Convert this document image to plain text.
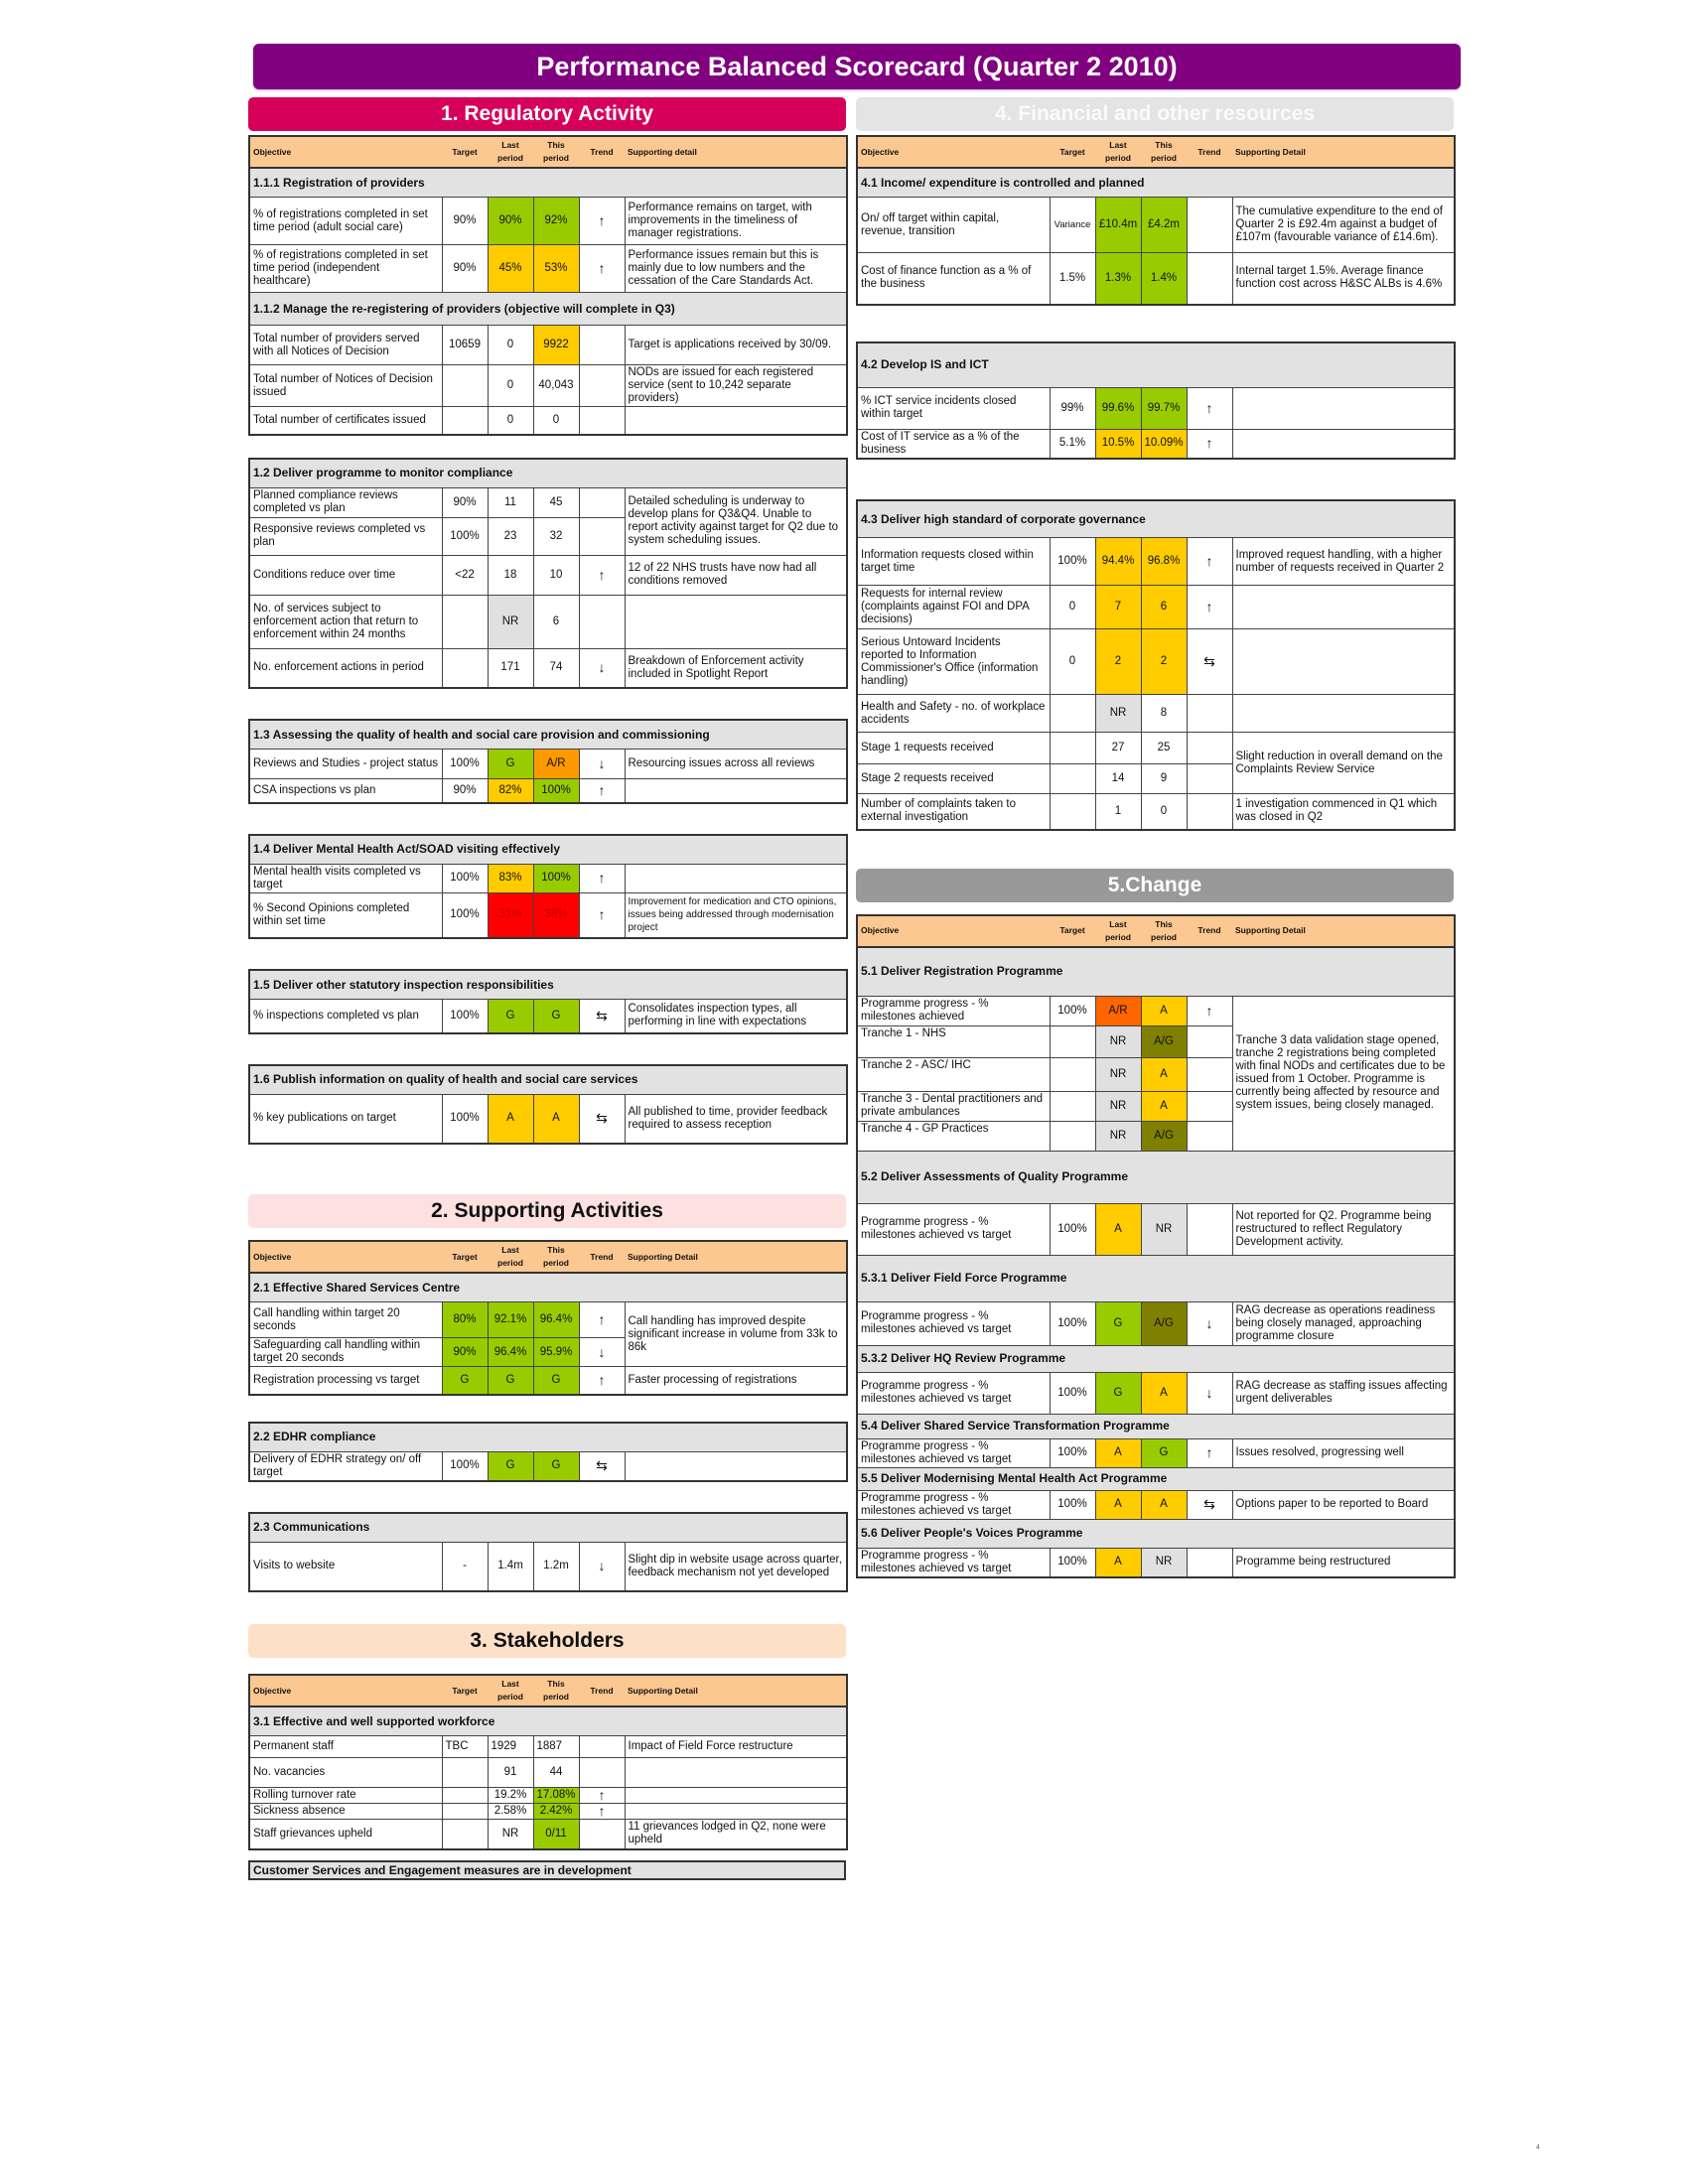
Performance Balanced Scorecard (Quarter 2 2010)
1. Regulatory Activity
Objective	Target	Last period	This period	Trend	Supporting detail
1.1.1 Registration of providers					
% of registrations completed in set time period (adult social care)	90%	90%	92%	↑	Performance remains on target, with improvements in the timeliness of manager registrations.
% of registrations completed in set time period (independent healthcare)	90%	45%	53%	↑	Performance issues remain but this is mainly due to low numbers and the cessation of the Care Standards Act.
1.1.2 Manage the re-registering of providers (objective will complete in Q3)					
Total number of providers served with all Notices of Decision	10659	0	9922		Target is applications received by 30/09.
Total number of Notices of Decision issued		0	40,043		NODs are issued for each registered service (sent to 10,242 separate providers)
Total number of certificates issued		0	0		
1.2 Deliver programme to monitor compliance					
Planned compliance reviews completed vs plan	90%	11	45		Detailed scheduling is underway to develop plans for Q3&Q4. Unable to report activity against target for Q2 due to system scheduling issues.
Responsive reviews completed vs plan	100%	23	32		
Conditions reduce over time	<22	18	10	↑	12 of 22 NHS trusts have now had all conditions removed
No. of services subject to enforcement action that return to enforcement within 24 months		NR	6		
No. enforcement actions in period		171	74	↓	Breakdown of Enforcement activity included in Spotlight Report
1.3 Assessing the quality of health and social care provision and commissioning					
Reviews and Studies - project status	100%	G	A/R	↓	Resourcing issues across all reviews
CSA inspections vs plan	90%	82%	100%	↑	
1.4 Deliver Mental Health Act/SOAD visiting effectively					
Mental health visits completed vs target	100%	83%	100%	↑	
% Second Opinions completed within set time	100%	31%	38%	↑	Improvement for medication and CTO opinions, issues being addressed through modernisation project
1.5 Deliver other statutory inspection responsibilities
% inspections completed vs plan	100%	G	G	⇆	Consolidates inspection types, all performing in line with expectations
1.6 Publish information on quality of health and social care services
% key publications on target	100%	A	A	⇆	All published to time, provider feedback required to assess reception
2. Supporting Activities
Objective	Target	Last period	This period	Trend	Supporting Detail
2.1 Effective Shared Services Centre					
Call handling within target 20 seconds	80%	92.1%	96.4%	↑	Call handling has improved despite significant increase in volume from 33k to 86k
Safeguarding call handling within target 20 seconds	90%	96.4%	95.9%	↓	
Registration processing vs target	G	G	G	↑	Faster processing of registrations
2.2 EDHR compliance
Delivery of EDHR strategy on/ off target	100%	G	G	⇆	
2.3 Communications
Visits to website	-	1.4m	1.2m	↓	Slight dip in website usage across quarter, feedback mechanism not yet developed
3. Stakeholders
Objective	Target	Last period	This period	Trend	Supporting Detail
3.1 Effective and well supported workforce					
Permanent staff	TBC	1929	1887		Impact of Field Force restructure
No. vacancies		91	44		
Rolling turnover rate		19.2%	17.08%	↑	
Sickness absence		2.58%	2.42%	↑	
Staff grievances upheld		NR	0/11		11 grievances lodged in Q2, none were upheld
Customer Services and Engagement measures are in development
4. Financial and other resources
Objective	Target	Last period	This period	Trend	Supporting Detail
4.1 Income/ expenditure is controlled and planned					
On/ off target within capital, revenue, transition	Variance	£10.4m	£4.2m		The cumulative expenditure to the end of Quarter 2 is £92.4m against a budget of £107m (favourable variance of £14.6m).
Cost of finance function as a % of the business	1.5%	1.3%	1.4%		Internal target 1.5%. Average finance function cost across H&SC ALBs is 4.6%
4.2 Develop IS and ICT					
% ICT service incidents closed within target	99%	99.6%	99.7%	↑	
Cost of IT service as a % of the business	5.1%	10.5%	10.09%	↑	
4.3 Deliver high standard of corporate governance					
Information requests closed within target time	100%	94.4%	96.8%	↑	Improved request handling, with a higher number of requests received in Quarter 2
Requests for internal review (complaints against FOI and DPA decisions)	0	7	6	↑	
Serious Untoward Incidents reported to Information Commissioner's Office (information handling)	0	2	2	⇆	
Health and Safety - no. of workplace accidents		NR	8		
Stage 1 requests received		27	25		Slight reduction in overall demand on the Complaints Review Service
Stage 2 requests received		14	9		
Number of complaints taken to external investigation		1	0		1 investigation commenced in Q1 which was closed in Q2
5.Change
Objective	Target	Last period	This period	Trend	Supporting Detail
5.1 Deliver Registration Programme					
Programme progress - % milestones achieved	100%	A/R	A	↑	Tranche 3 data validation stage opened, tranche 2 registrations being completed with final NODs and certificates due to be issued from 1 October. Programme is currently being affected by resource and system issues, being closely managed.
Tranche 1 - NHS		NR	A/G		
Tranche 2 - ASC/ IHC		NR	A		
Tranche 3 - Dental practitioners and private ambulances		NR	A		
Tranche 4 - GP Practices		NR	A/G		
5.2 Deliver Assessments of Quality Programme					
Programme progress - % milestones achieved vs target	100%	A	NR		Not reported for Q2. Programme being restructured to reflect Regulatory Development activity.
5.3.1 Deliver Field Force Programme					
Programme progress - % milestones achieved vs target	100%	G	A/G	↓	RAG decrease as operations readiness being closely managed, approaching programme closure
5.3.2 Deliver HQ Review Programme					
Programme progress - % milestones achieved vs target	100%	G	A	↓	RAG decrease as staffing issues affecting urgent deliverables
5.4 Deliver Shared Service Transformation Programme					
Programme progress - % milestones achieved vs target	100%	A	G	↑	Issues resolved, progressing well
5.5 Deliver Modernising Mental Health Act Programme					
Programme progress - % milestones achieved vs target	100%	A	A	⇆	Options paper to be reported to Board
5.6 Deliver People's Voices Programme					
Programme progress - % milestones achieved vs target	100%	A	NR		Programme being restructured
4
